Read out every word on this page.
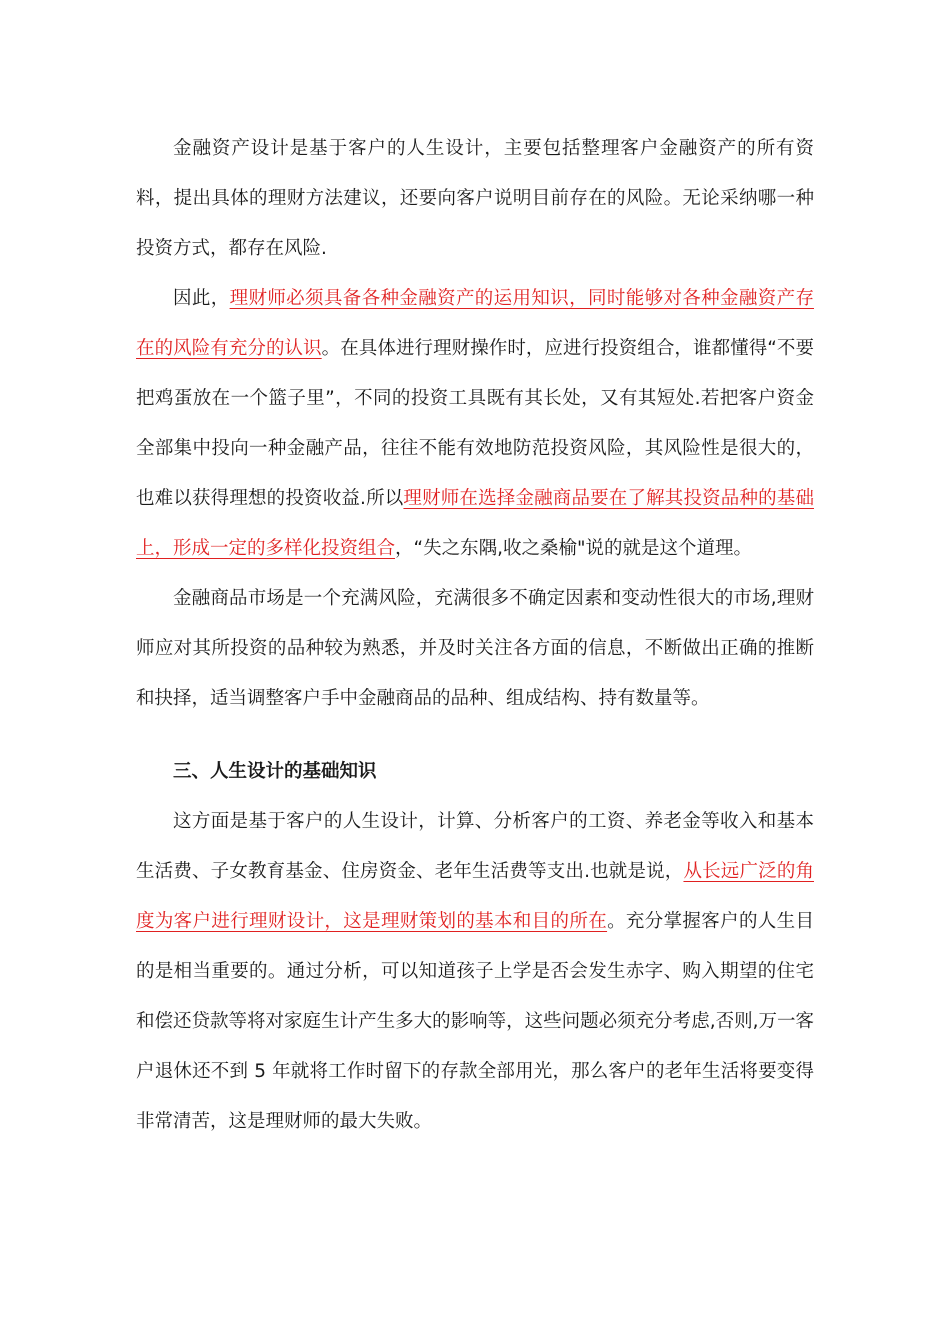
金融资产设计是基于客户的人生设计，主要包括整理客户金融资产的所有资料，提出具体的理财方法建议，还要向客户说明目前存在的风险。无论采纳哪一种投资方式，都存在风险.

因此，理财师必须具备各种金融资产的运用知识，同时能够对各种金融资产存在的风险有充分的认识。在具体进行理财操作时，应进行投资组合，谁都懂得“不要把鸡蛋放在一个篮子里”，不同的投资工具既有其长处，又有其短处.若把客户资金全部集中投向一种金融产品，往往不能有效地防范投资风险，其风险性是很大的，也难以获得理想的投资收益.所以理财师在选择金融商品要在了解其投资品种的基础上，形成一定的多样化投资组合，“失之东隅,收之桑榆"说的就是这个道理。

金融商品市场是一个充满风险，充满很多不确定因素和变动性很大的市场,理财师应对其所投资的品种较为熟悉，并及时关注各方面的信息，不断做出正确的推断和抉择，适当调整客户手中金融商品的品种、组成结构、持有数量等。

三、人生设计的基础知识

这方面是基于客户的人生设计，计算、分析客户的工资、养老金等收入和基本生活费、子女教育基金、住房资金、老年生活费等支出.也就是说，从长远广泛的角度为客户进行理财设计，这是理财策划的基本和目的所在。充分掌握客户的人生目的是相当重要的。通过分析，可以知道孩子上学是否会发生赤字、购入期望的住宅和偿还贷款等将对家庭生计产生多大的影响等，这些问题必须充分考虑,否则,万一客户退休还不到 5 年就将工作时留下的存款全部用光，那么客户的老年生活将要变得非常清苦，这是理财师的最大失败。
